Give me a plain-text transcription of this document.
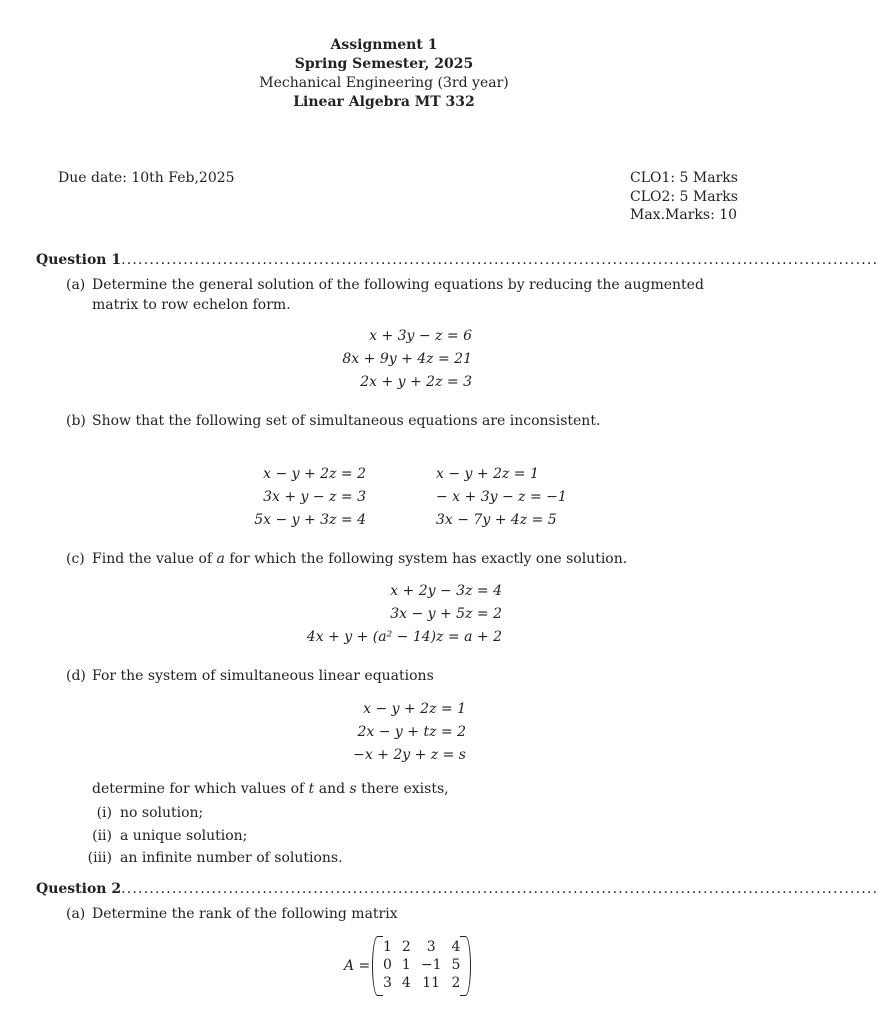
Assignment 1
Spring Semester, 2025
Mechanical Engineering (3rd year)
Linear Algebra MT 332
Due date: 10th Feb,2025	CLO1: 5 Marks
CLO2: 5 Marks
Max.Marks: 10
Question 1......................................................................................................................................
(a) Determine the general solution of the following equations by reducing the augmented matrix to row echelon form.
x + 3y − z = 6
8x + 9y + 4z = 21
2x + y + 2z = 3
(b) Show that the following set of simultaneous equations are inconsistent.
x − y + 2z = 2
3x + y − z = 3
5x − y + 3z = 4
x − y + 2z = 1
− x + 3y − z = −1
3x − 7y + 4z = 5
(c) Find the value of a for which the following system has exactly one solution.
x + 2y − 3z = 4
3x − y + 5z = 2
4x + y + (a² − 14)z = a + 2
(d) For the system of simultaneous linear equations
x − y + 2z = 1
2x − y + tz = 2
−x + 2y + z = s
determine for which values of t and s there exists,
(i) no solution;
(ii) a unique solution;
(iii) an infinite number of solutions.
Question 2......................................................................................................................................
(a) Determine the rank of the following matrix
A =
1	2	3	4
0	1	−1	5
3	4	11	2
